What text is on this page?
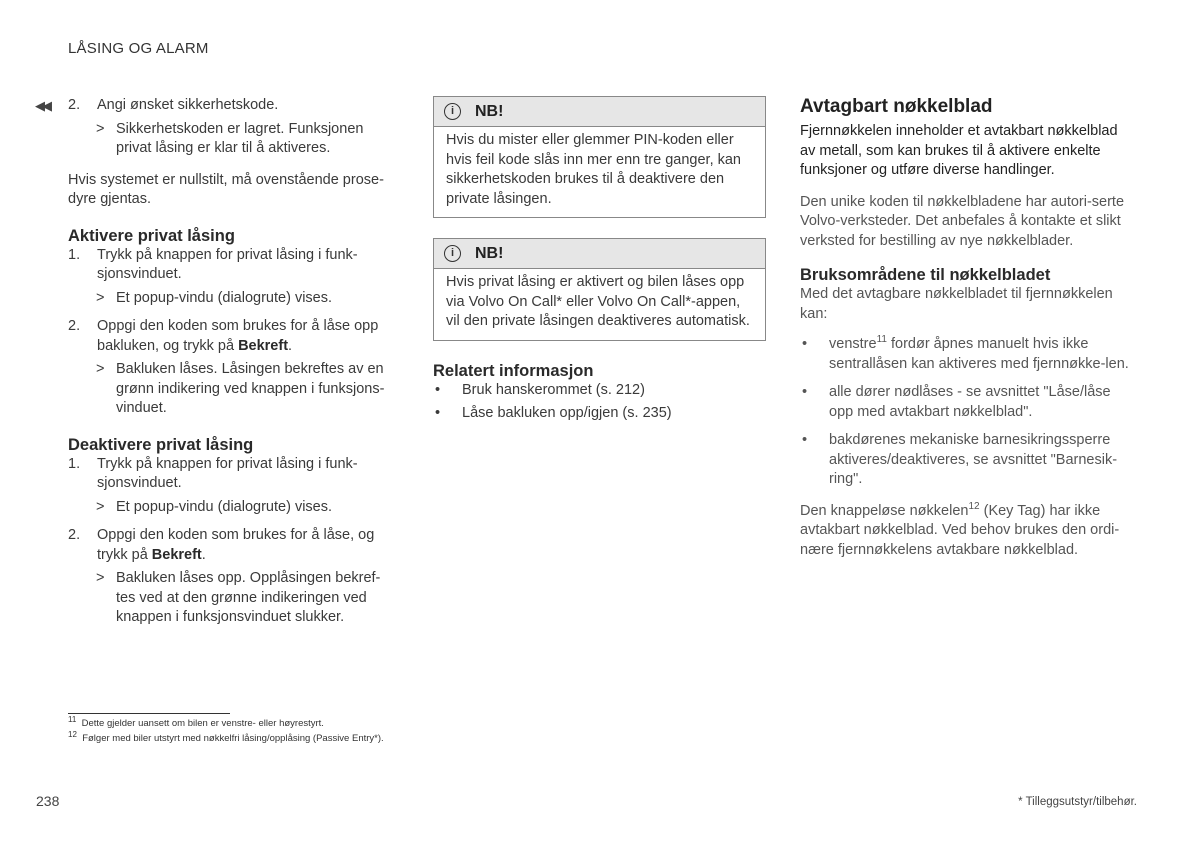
LÅSING OG ALARM
◀◀ 2. Angi ønsket sikkerhetskode.
> Sikkerhetskoden er lagret. Funksjonen privat låsing er klar til å aktiveres.
Hvis systemet er nullstilt, må ovenstående prose-dyre gjentas.
Aktivere privat låsing
1. Trykk på knappen for privat låsing i funk-sjonsvinduet.
> Et popup-vindu (dialogrute) vises.
2. Oppgi den koden som brukes for å låse opp bakluken, og trykk på Bekreft.
> Bakluken låses. Låsingen bekreftes av en grønn indikering ved knappen i funksjons-vinduet.
Deaktivere privat låsing
1. Trykk på knappen for privat låsing i funk-sjonsvinduet.
> Et popup-vindu (dialogrute) vises.
2. Oppgi den koden som brukes for å låse, og trykk på Bekreft.
> Bakluken låses opp. Opplåsingen bekref-tes ved at den grønne indikeringen ved knappen i funksjonsvinduet slukker.
i	NB!
Hvis du mister eller glemmer PIN-koden eller hvis feil kode slås inn mer enn tre ganger, kan sikkerhetskoden brukes til å deaktivere den private låsingen.
i	NB!
Hvis privat låsing er aktivert og bilen låses opp via Volvo On Call* eller Volvo On Call*-appen, vil den private låsingen deaktiveres automatisk.
Relatert informasjon
• Bruk hanskerommet (s. 212)
• Låse bakluken opp/igjen (s. 235)
Avtagbart nøkkelblad
Fjernnøkkelen inneholder et avtakbart nøkkelblad av metall, som kan brukes til å aktivere enkelte funksjoner og utføre diverse handlinger.
Den unike koden til nøkkelbladene har autori-serte Volvo-verksteder. Det anbefales å kontakte et slikt verksted for bestilling av nye nøkkelblader.
Bruksområdene til nøkkelbladet
Med det avtagbare nøkkelbladet til fjernnøkkelen kan:
• venstre$^{11}$ fordør åpnes manuelt hvis ikke sentrallåsen kan aktiveres med fjernnøkke-len.
• alle dører nødlåses - se avsnittet "Låse/låse opp med avtakbart nøkkelblad".
• bakdørenes mekaniske barnesikringssperre aktiveres/deaktiveres, se avsnittet "Barnesik-ring".
Den knappeløse nøkkelen$^{12}$ (Key Tag) har ikke avtakbart nøkkelblad. Ved behov brukes den ordi-nære fjernnøkkelens avtakbare nøkkelblad.
$^{11}$ Dette gjelder uansett om bilen er venstre- eller høyrestyrt.
$^{12}$ Følger med biler utstyrt med nøkkelfri låsing/opplåsing (Passive Entry*).
238	* Tilleggsutstyr/tilbehør.
